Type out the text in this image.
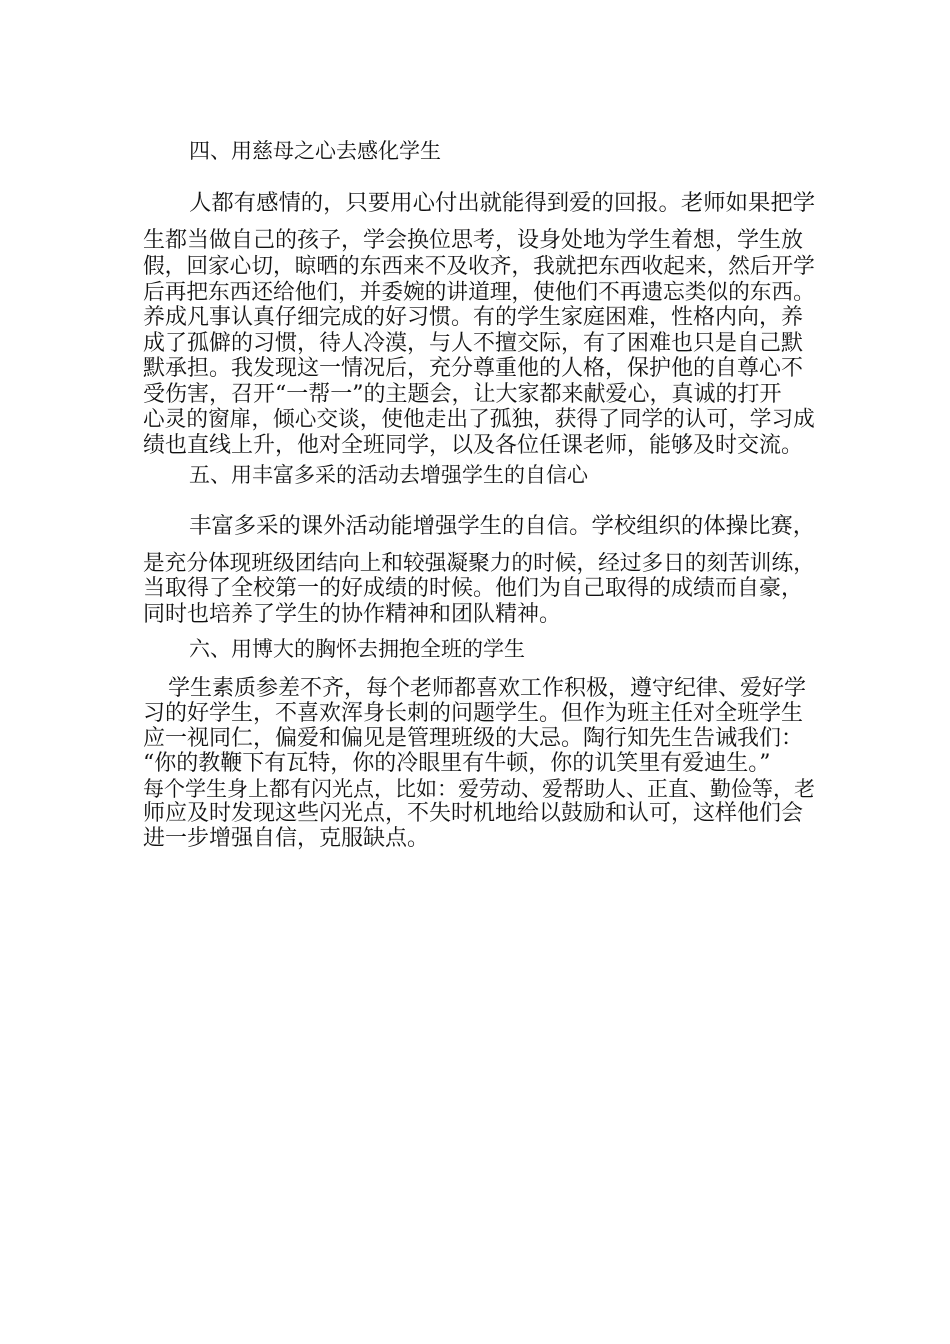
四、用慈母之心去感化学生
人都有感情的，只要用心付出就能得到爱的回报。老师如果把学
生都当做自己的孩子，学会换位思考，设身处地为学生着想，学生放
假，回家心切，晾晒的东西来不及收齐，我就把东西收起来，然后开学
后再把东西还给他们，并委婉的讲道理，使他们不再遗忘类似的东西。
养成凡事认真仔细完成的好习惯。有的学生家庭困难，性格内向，养
成了孤僻的习惯，待人冷漠，与人不擅交际，有了困难也只是自己默
默承担。我发现这一情况后，充分尊重他的人格，保护他的自尊心不
受伤害，召开“一帮一”的主题会，让大家都来献爱心，真诚的打开
心灵的窗扉，倾心交谈，使他走出了孤独，获得了同学的认可，学习成
绩也直线上升，他对全班同学，以及各位任课老师，能够及时交流。
五、用丰富多采的活动去增强学生的自信心
丰富多采的课外活动能增强学生的自信。学校组织的体操比赛，
是充分体现班级团结向上和较强凝聚力的时候，经过多日的刻苦训练，
当取得了全校第一的好成绩的时候。他们为自己取得的成绩而自豪，
同时也培养了学生的协作精神和团队精神。
六、用博大的胸怀去拥抱全班的学生
学生素质参差不齐，每个老师都喜欢工作积极，遵守纪律、爱好学
习的好学生，不喜欢浑身长刺的问题学生。但作为班主任对全班学生
应一视同仁，偏爱和偏见是管理班级的大忌。陶行知先生告诫我们：
“你的教鞭下有瓦特，你的冷眼里有牛顿，你的讥笑里有爱迪生。”
每个学生身上都有闪光点，比如：爱劳动、爱帮助人、正直、勤俭等，老
师应及时发现这些闪光点，不失时机地给以鼓励和认可，这样他们会
进一步增强自信，克服缺点。
